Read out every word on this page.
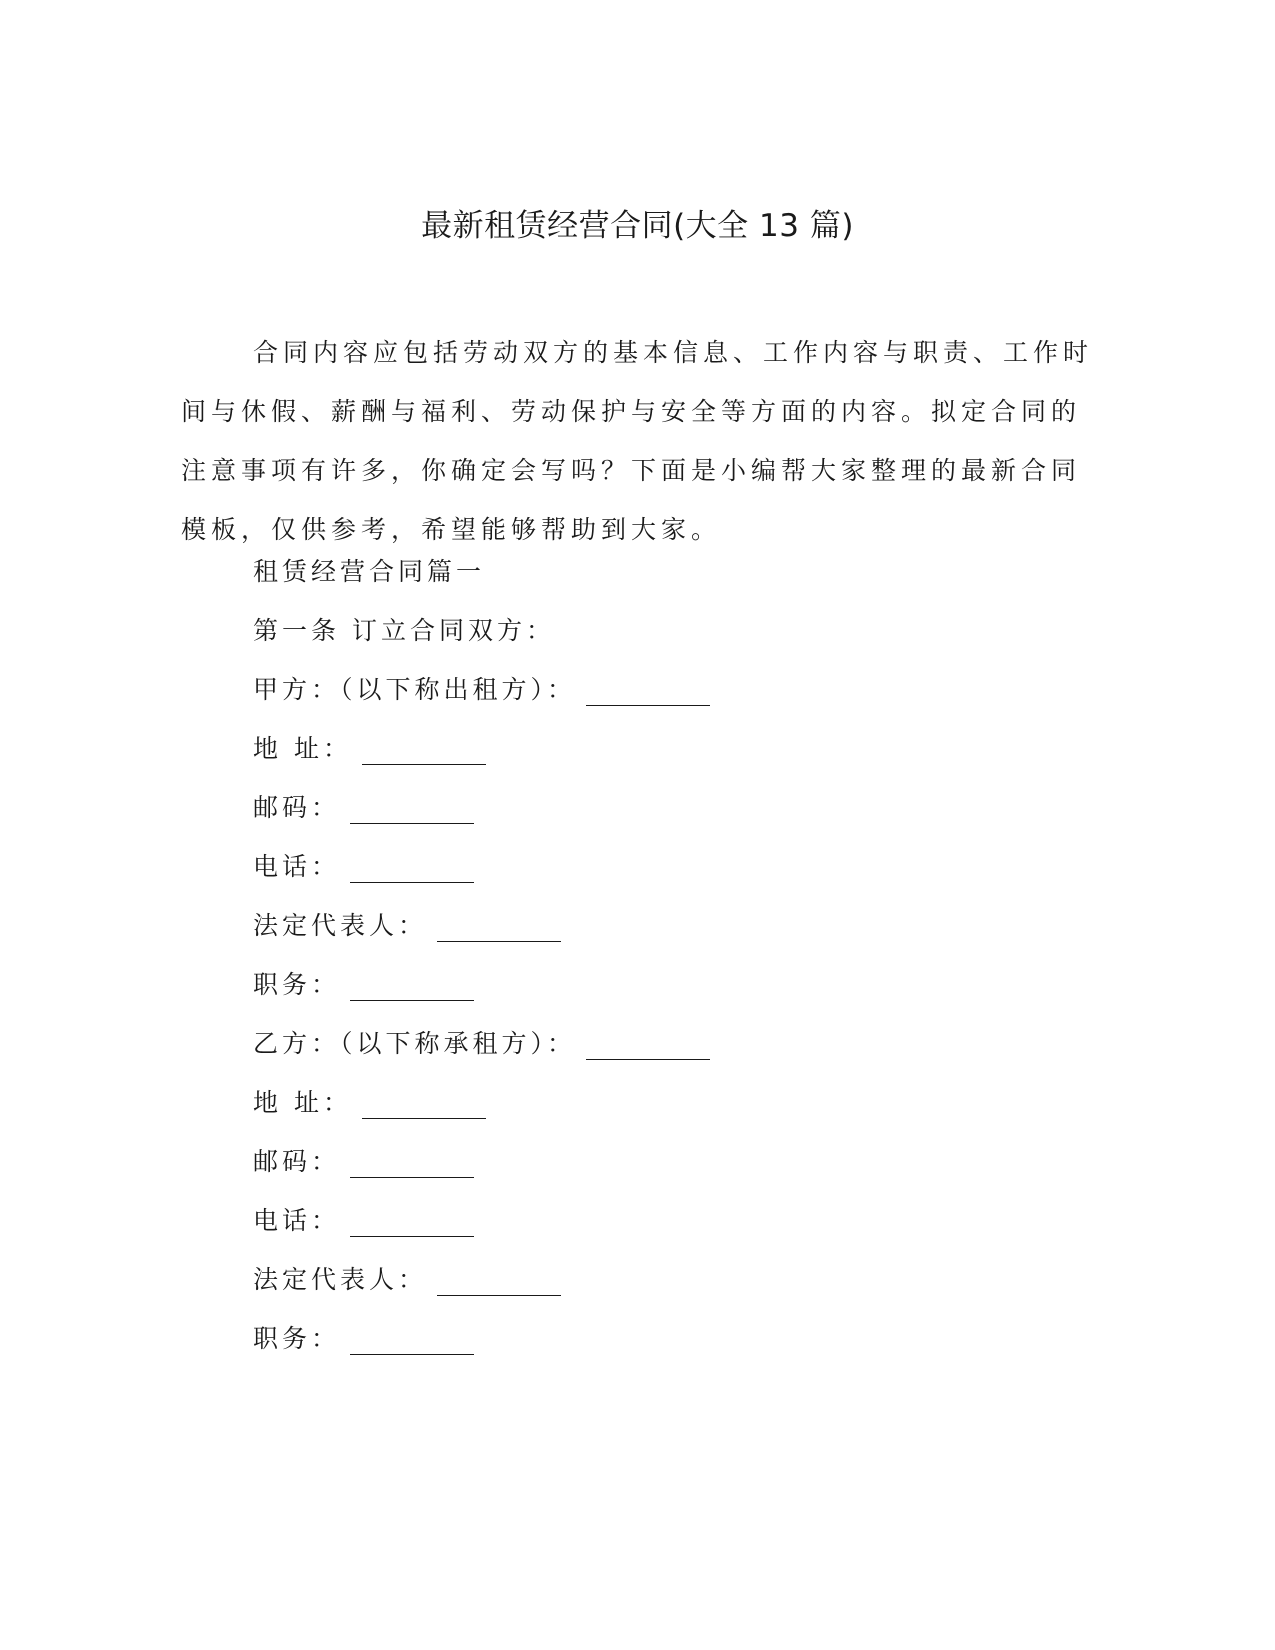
最新租赁经营合同(大全 13 篇)
合同内容应包括劳动双方的基本信息、工作内容与职责、工作时
间与休假、薪酬与福利、劳动保护与安全等方面的内容。拟定合同的
注意事项有许多，你确定会写吗？下面是小编帮大家整理的最新合同
模板，仅供参考，希望能够帮助到大家。
租赁经营合同篇一
第一条 订立合同双方：
甲方：（以下称出租方）：
地 址：
邮码：
电话：
法定代表人：
职务：
乙方：（以下称承租方）：
地 址：
邮码：
电话：
法定代表人：
职务：
